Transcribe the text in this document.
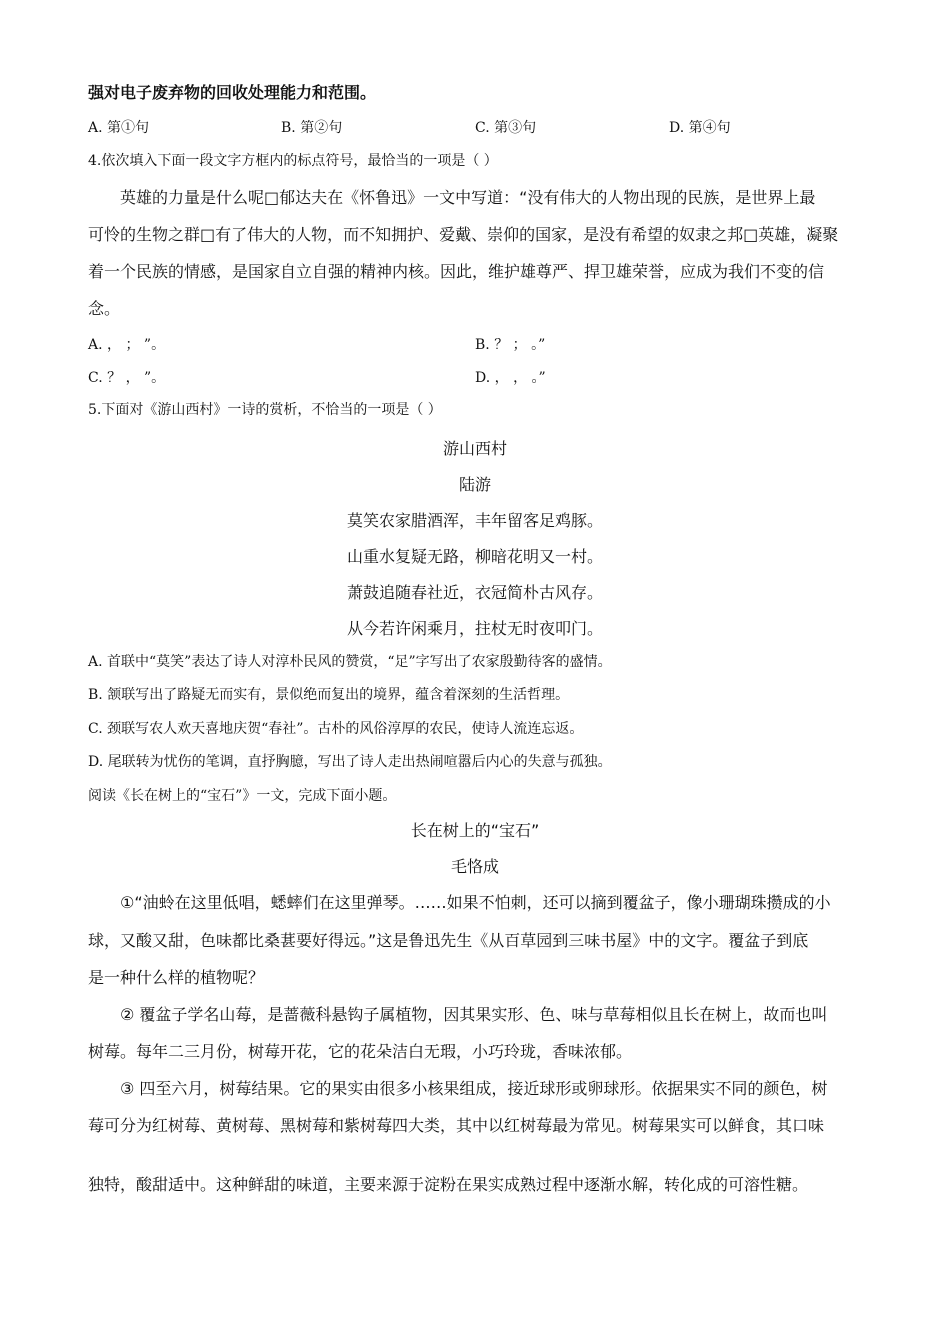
强对电子废弃物的回收处理能力和范围。
A. 第①句	B. 第②句	C. 第③句	D. 第④句
4.依次填入下面一段文字方框内的标点符号，最恰当的一项是（ ）
英雄的力量是什么呢□郁达夫在《怀鲁迅》一文中写道：“没有伟大的人物出现的民族，是世界上最
可怜的生物之群□有了伟大的人物，而不知拥护、爱戴、崇仰的国家，是没有希望的奴隶之邦□英雄，凝聚
着一个民族的情感，是国家自立自强的精神内核。因此，维护雄尊严、捍卫雄荣誉，应成为我们不变的信
念。
A. ， ； ”。	B. ？ ； 。”
C. ？ ， ”。	D. ， ， 。”
5.下面对《游山西村》一诗的赏析，不恰当的一项是（ ）
游山西村
陆游
莫笑农家腊酒浑，丰年留客足鸡豚。
山重水复疑无路，柳暗花明又一村。
萧鼓追随春社近，衣冠简朴古风存。
从今若许闲乘月，拄杖无时夜叩门。
A. 首联中“莫笑”表达了诗人对淳朴民风的赞赏，“足”字写出了农家殷勤待客的盛情。
B. 颔联写出了路疑无而实有，景似绝而复出的境界，蕴含着深刻的生活哲理。
C. 颈联写农人欢天喜地庆贺“春社”。古朴的风俗淳厚的农民，使诗人流连忘返。
D. 尾联转为忧伤的笔调，直抒胸臆，写出了诗人走出热闹喧嚣后内心的失意与孤独。
阅读《长在树上的“宝石”》一文，完成下面小题。
长在树上的“宝石”
毛恪成
①“油蛉在这里低唱，蟋蟀们在这里弹琴。……如果不怕刺，还可以摘到覆盆子，像小珊瑚珠攒成的小
球，又酸又甜，色味都比桑葚要好得远。”这是鲁迅先生《从百草园到三味书屋》中的文字。覆盆子到底
是一种什么样的植物呢？
② 覆盆子学名山莓，是蔷薇科悬钩子属植物，因其果实形、色、味与草莓相似且长在树上，故而也叫
树莓。每年二三月份，树莓开花，它的花朵洁白无瑕，小巧玲珑，香味浓郁。
③ 四至六月，树莓结果。它的果实由很多小核果组成，接近球形或卵球形。依据果实不同的颜色，树
莓可分为红树莓、黄树莓、黑树莓和紫树莓四大类，其中以红树莓最为常见。树莓果实可以鲜食，其口味
独特，酸甜适中。这种鲜甜的味道，主要来源于淀粉在果实成熟过程中逐渐水解，转化成的可溶性糖。
